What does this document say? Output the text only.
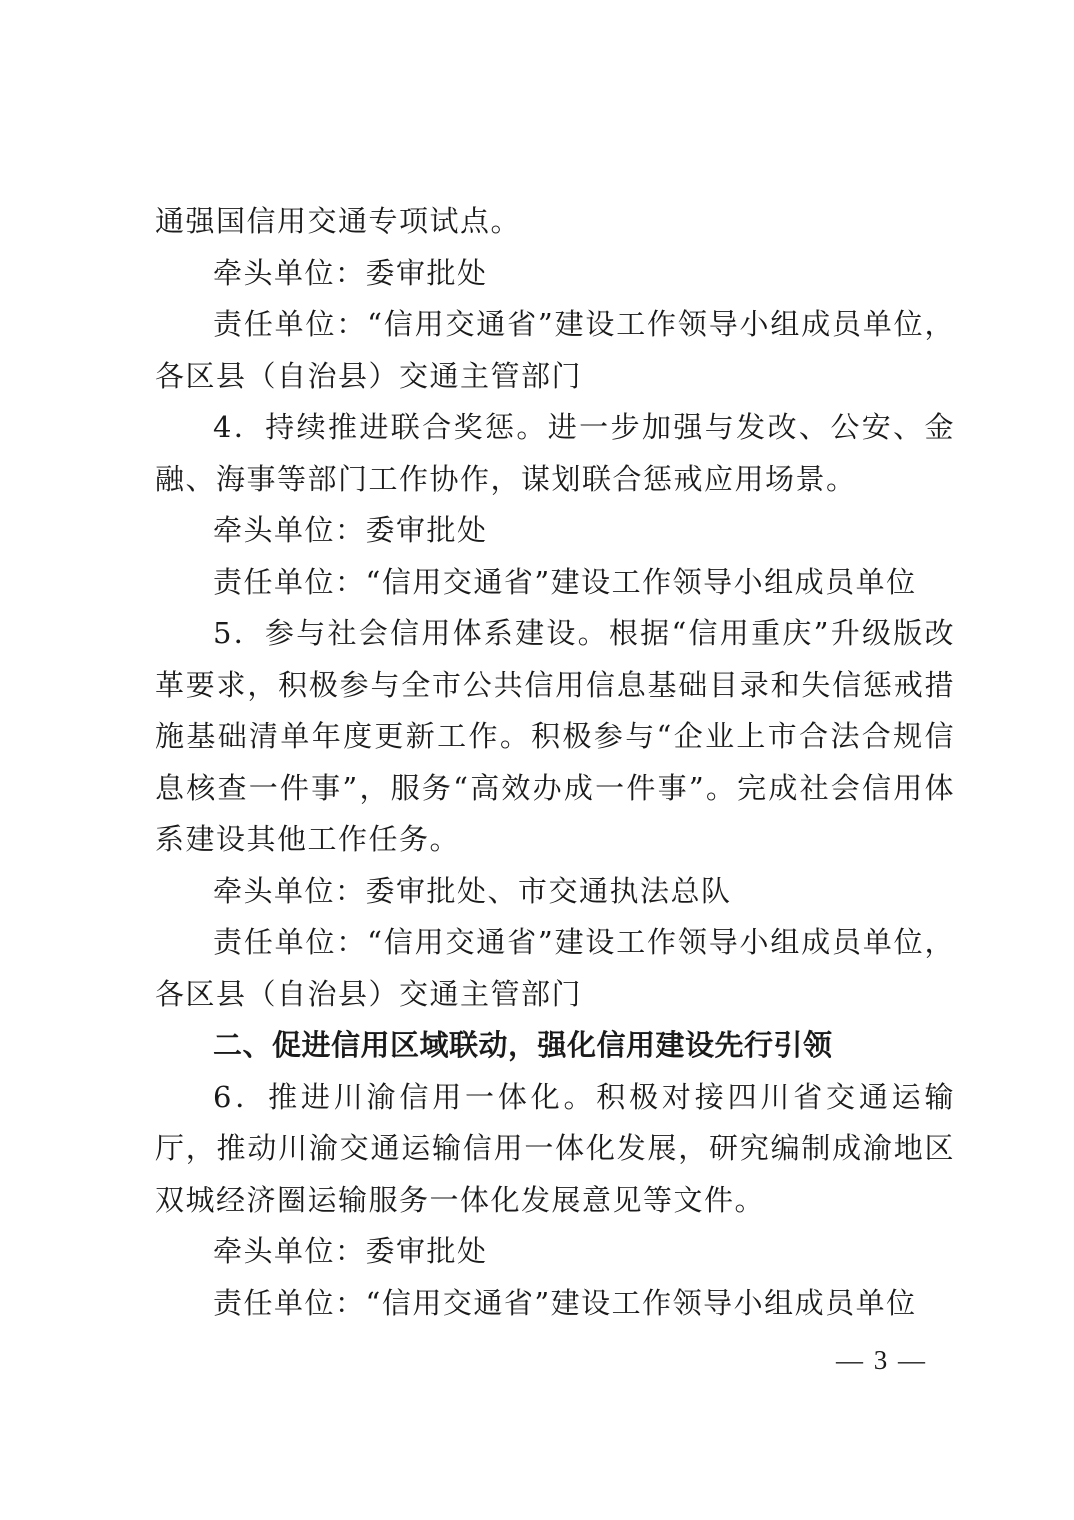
通强国信用交通专项试点。

牵头单位：委审批处

责任单位：“信用交通省”建设工作领导小组成员单位，各区县（自治县）交通主管部门

4．持续推进联合奖惩。进一步加强与发改、公安、金融、海事等部门工作协作，谋划联合惩戒应用场景。

牵头单位：委审批处

责任单位：“信用交通省”建设工作领导小组成员单位

5．参与社会信用体系建设。根据“信用重庆”升级版改革要求，积极参与全市公共信用信息基础目录和失信惩戒措施基础清单年度更新工作。积极参与“企业上市合法合规信息核查一件事”，服务“高效办成一件事”。完成社会信用体系建设其他工作任务。

牵头单位：委审批处、市交通执法总队

责任单位：“信用交通省”建设工作领导小组成员单位，各区县（自治县）交通主管部门

二、促进信用区域联动，强化信用建设先行引领

6．推进川渝信用一体化。积极对接四川省交通运输厅，推动川渝交通运输信用一体化发展，研究编制成渝地区双城经济圈运输服务一体化发展意见等文件。

牵头单位：委审批处

责任单位：“信用交通省”建设工作领导小组成员单位

— 3 —
